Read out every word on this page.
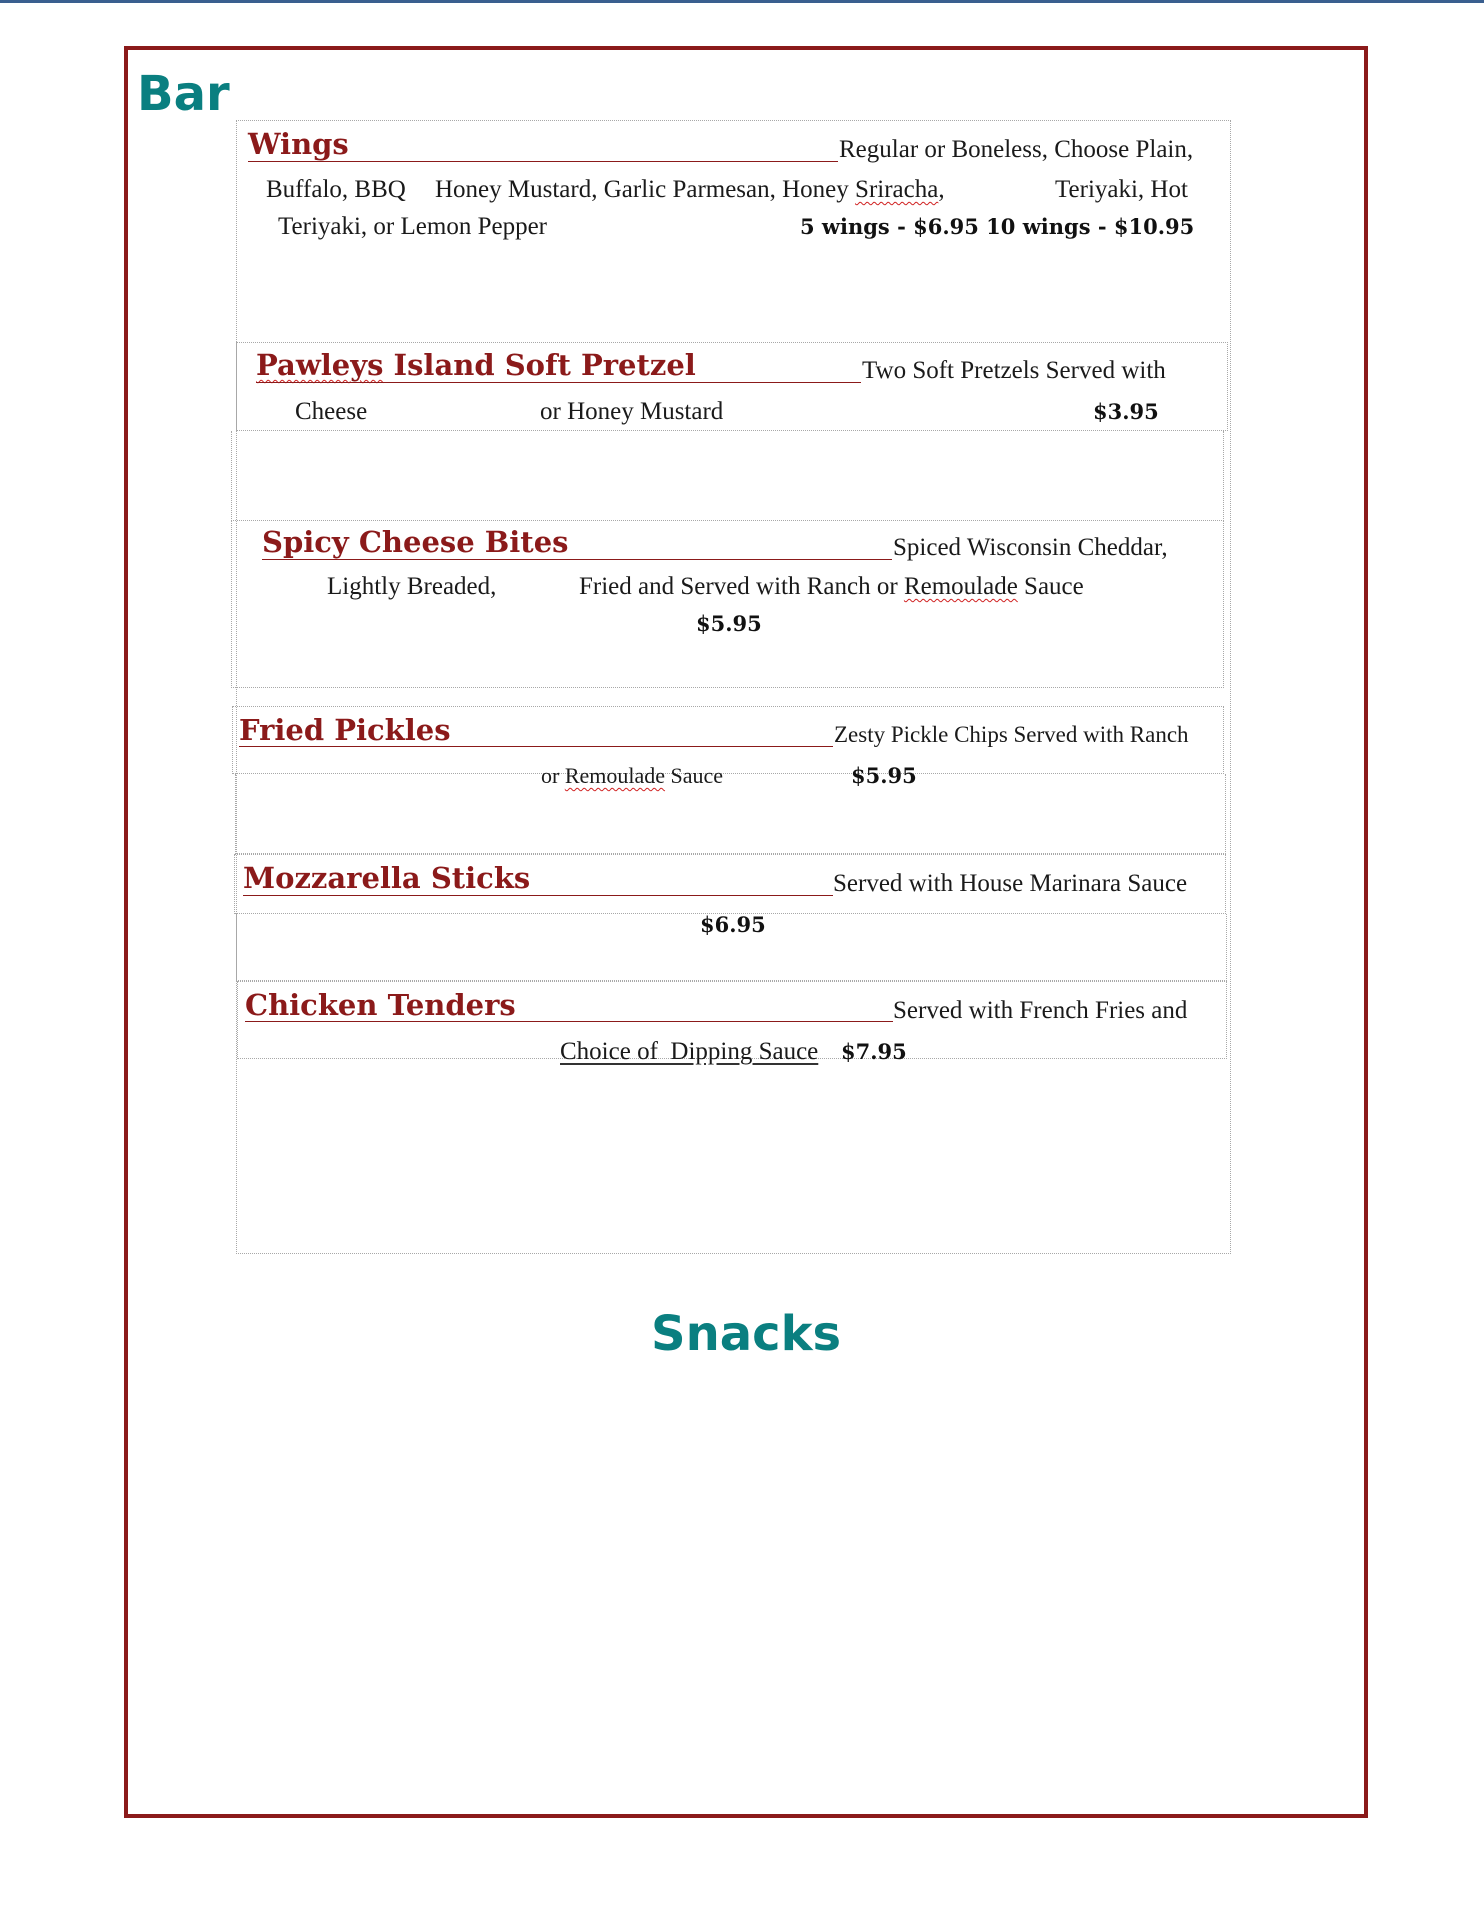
Bar
Wings	Regular or Boneless, Choose Plain,
Buffalo, BBQ Honey Mustard, Garlic Parmesan, Honey Sriracha,	Teriyaki, Hot
Teriyaki, or Lemon Pepper	5 wings - $6.95 10 wings - $10.95
Pawleys Island Soft Pretzel	Two Soft Pretzels Served with
Cheese	or Honey Mustard	$3.95
Spicy Cheese Bites	Spiced Wisconsin Cheddar,
Lightly Breaded,	Fried and Served with Ranch or Remoulade Sauce
$5.95
Fried Pickles	Zesty Pickle Chips Served with Ranch
or Remoulade Sauce	$5.95
Mozzarella Sticks	Served with House Marinara Sauce
$6.95
Chicken Tenders	Served with French Fries and
Choice of  Dipping Sauce $7.95
Snacks
